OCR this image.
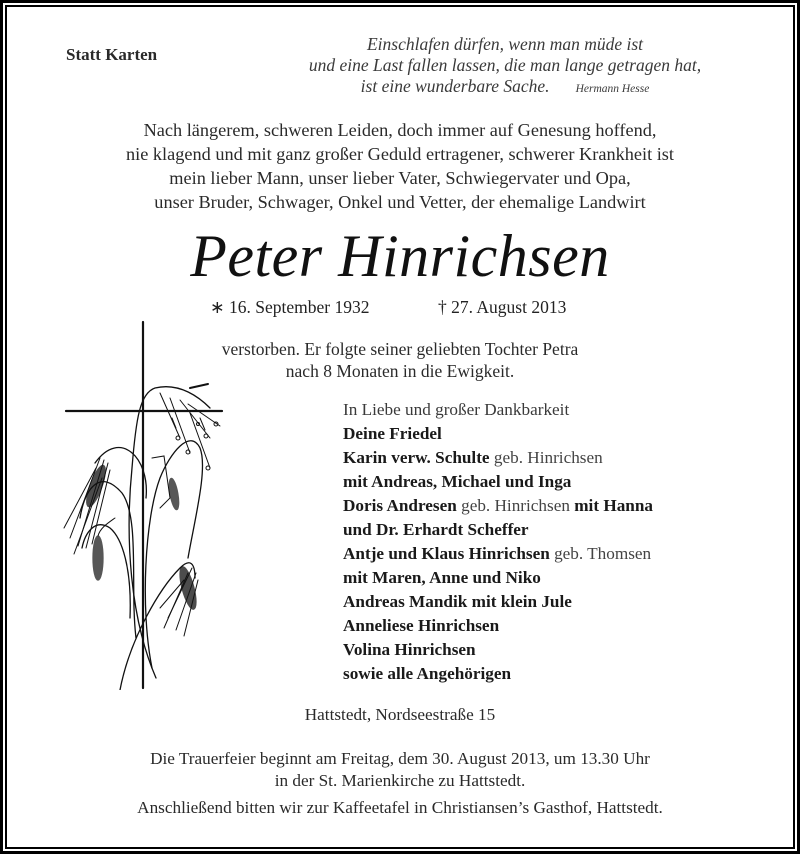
Statt Karten
Einschlafen dürfen, wenn man müde ist
und eine Last fallen lassen, die man lange getragen hat,
ist eine wunderbare Sache. Hermann Hesse
Nach längerem, schweren Leiden, doch immer auf Genesung hoffend,
nie klagend und mit ganz großer Geduld ertragener, schwerer Krankheit ist
mein lieber Mann, unser lieber Vater, Schwiegervater und Opa,
unser Bruder, Schwager, Onkel und Vetter, der ehemalige Landwirt
Peter Hinrichsen
∗ 16. September 1932	† 27. August 2013
verstorben. Er folgte seiner geliebten Tochter Petra
nach 8 Monaten in die Ewigkeit.
In Liebe und großer Dankbarkeit
Deine Friedel
Karin verw. Schulte geb. Hinrichsen
mit Andreas, Michael und Inga
Doris Andresen geb. Hinrichsen mit Hanna
und Dr. Erhardt Scheffer
Antje und Klaus Hinrichsen geb. Thomsen
mit Maren, Anne und Niko
Andreas Mandik mit klein Jule
Anneliese Hinrichsen
Volina Hinrichsen
sowie alle Angehörigen
Hattstedt, Nordseestraße 15
Die Trauerfeier beginnt am Freitag, dem 30. August 2013, um 13.30 Uhr
in der St. Marienkirche zu Hattstedt.
Anschließend bitten wir zur Kaffeetafel in Christiansen’s Gasthof, Hattstedt.
